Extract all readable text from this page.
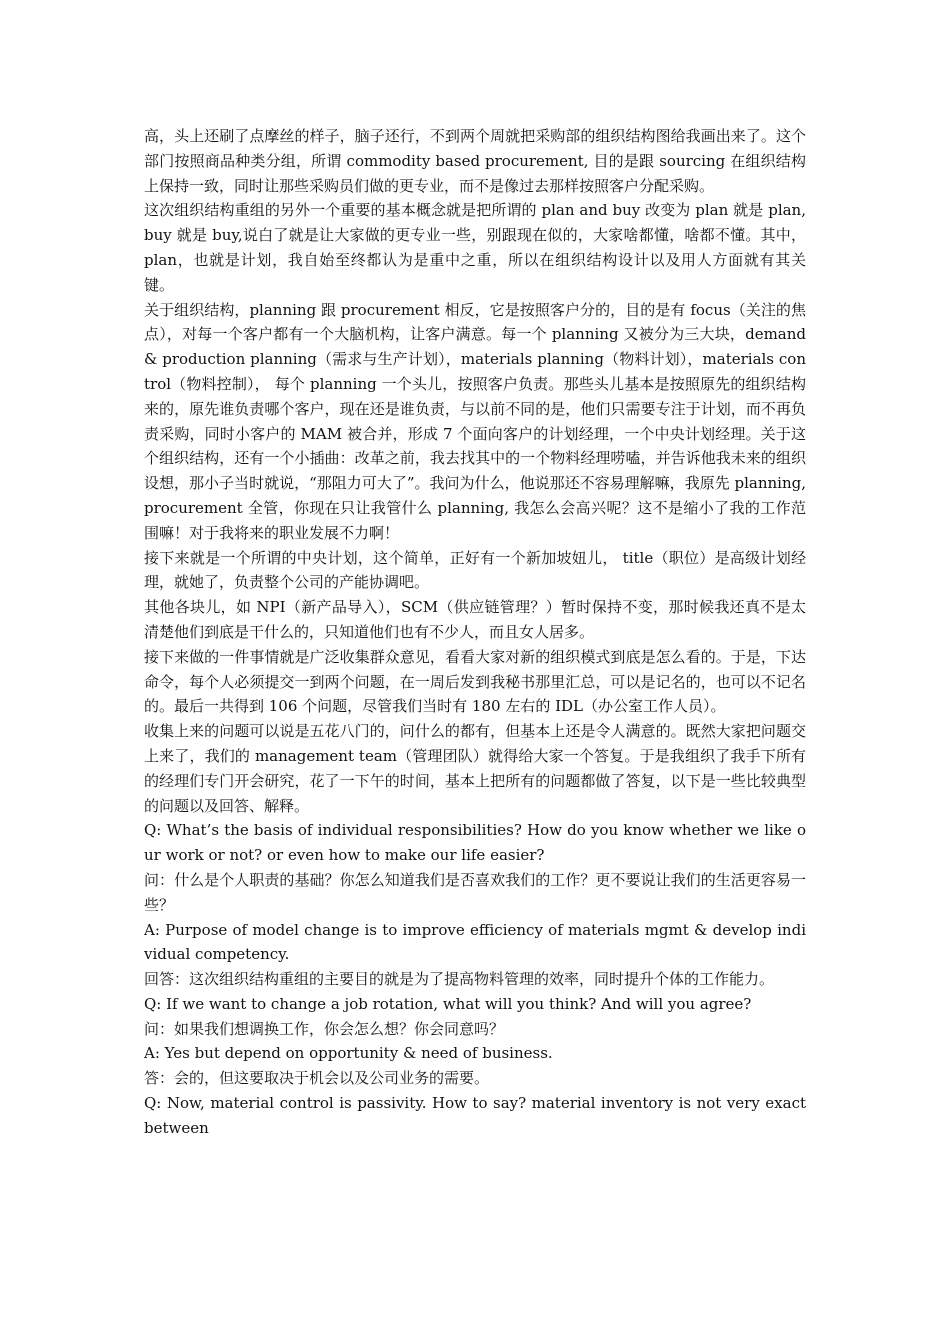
高，头上还刷了点摩丝的样子，脑子还行，不到两个周就把采购部的组织结构图给我画出来了。这个部门按照商品种类分组，所谓 commodity based procurement, 目的是跟 sourcing 在组织结构上保持一致，同时让那些采购员们做的更专业，而不是像过去那样按照客户分配采购。

这次组织结构重组的另外一个重要的基本概念就是把所谓的 plan and buy 改变为 plan 就是 plan, buy 就是 buy,说白了就是让大家做的更专业一些，别跟现在似的，大家啥都懂，啥都不懂。其中，plan，也就是计划，我自始至终都认为是重中之重，所以在组织结构设计以及用人方面就有其关键。

关于组织结构，planning 跟 procurement 相反，它是按照客户分的，目的是有 focus（关注的焦点），对每一个客户都有一个大脑机构，让客户满意。每一个 planning 又被分为三大块，demand & production planning（需求与生产计划），materials planning（物料计划），materials control（物料控制）， 每个 planning 一个头儿，按照客户负责。那些头儿基本是按照原先的组织结构来的，原先谁负责哪个客户，现在还是谁负责，与以前不同的是，他们只需要专注于计划，而不再负责采购，同时小客户的 MAM 被合并，形成 7 个面向客户的计划经理，一个中央计划经理。关于这个组织结构，还有一个小插曲：改革之前，我去找其中的一个物料经理唠嗑，并告诉他我未来的组织设想，那小子当时就说，“那阻力可大了”。我问为什么，他说那还不容易理解嘛，我原先 planning, procurement 全管，你现在只让我管什么 planning, 我怎么会高兴呢？这不是缩小了我的工作范围嘛！对于我将来的职业发展不力啊！

接下来就是一个所谓的中央计划，这个简单，正好有一个新加坡妞儿， title（职位）是高级计划经理，就她了，负责整个公司的产能协调吧。

其他各块儿，如 NPI（新产品导入），SCM（供应链管理？）暂时保持不变，那时候我还真不是太清楚他们到底是干什么的，只知道他们也有不少人，而且女人居多。

接下来做的一件事情就是广泛收集群众意见，看看大家对新的组织模式到底是怎么看的。于是，下达命令，每个人必须提交一到两个问题，在一周后发到我秘书那里汇总，可以是记名的，也可以不记名的。最后一共得到 106 个问题，尽管我们当时有 180 左右的 IDL（办公室工作人员）。

收集上来的问题可以说是五花八门的，问什么的都有，但基本上还是令人满意的。既然大家把问题交上来了，我们的 management team（管理团队）就得给大家一个答复。于是我组织了我手下所有的经理们专门开会研究，花了一下午的时间，基本上把所有的问题都做了答复，以下是一些比较典型的问题以及回答、解释。

Q: What’s the basis of individual responsibilities? How do you know whether we like our work or not? or even how to make our life easier?

问：什么是个人职责的基础？你怎么知道我们是否喜欢我们的工作？更不要说让我们的生活更容易一些？

A: Purpose of model change is to improve efficiency of materials mgmt & develop individual competency.

回答：这次组织结构重组的主要目的就是为了提高物料管理的效率，同时提升个体的工作能力。

Q: If we want to change a job rotation, what will you think? And will you agree?

问：如果我们想调换工作，你会怎么想？你会同意吗？

A: Yes but depend on opportunity & need of business.

答：会的，但这要取决于机会以及公司业务的需要。

Q: Now, material control is passivity. How to say? material inventory is not very exact between
